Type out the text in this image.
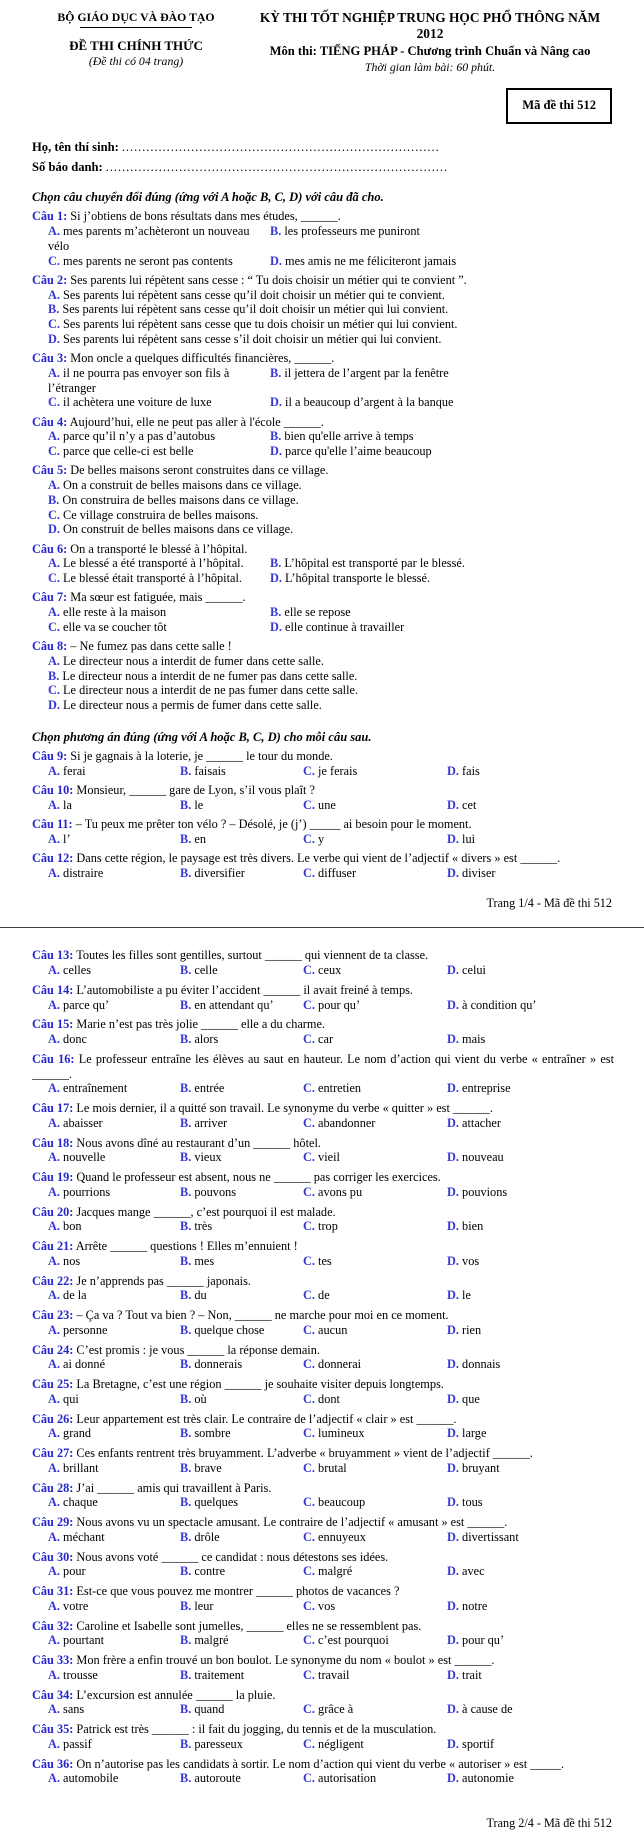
BỘ GIÁO DỤC VÀ ĐÀO TẠO
ĐỀ THI CHÍNH THỨC
(Đề thi có 04 trang)
KỲ THI TỐT NGHIỆP TRUNG HỌC PHỔ THÔNG NĂM 2012
Môn thi: TIẾNG PHÁP - Chương trình Chuẩn và Nâng cao
Thời gian làm bài: 60 phút.
Mã đề thi 512
Họ, tên thí sinh: ..............................................................................
Số báo danh: ....................................................................................
Chọn câu chuyển đổi đúng (ứng với A hoặc B, C, D) với câu đã cho.
Câu 1: Si j’obtiens de bons résultats dans mes études, ______.
A. mes parents m’achèteront un nouveau vélo
B. les professeurs me puniront
C. mes parents ne seront pas contents	D. mes amis ne me féliciteront jamais
Câu 2: Ses parents lui répètent sans cesse : “ Tu dois choisir un métier qui te convient ”.
A. Ses parents lui répètent sans cesse qu’il doit choisir un métier qui te convient.
B. Ses parents lui répètent sans cesse qu’il doit choisir un métier qui lui convient.
C. Ses parents lui répètent sans cesse que tu dois choisir un métier qui lui convient.
D. Ses parents lui répètent sans cesse s’il doit choisir un métier qui lui convient.
Câu 3: Mon oncle a quelques difficultés financières, ______.
A. il ne pourra pas envoyer son fils à l’étranger
B. il jettera de l’argent par la fenêtre
C. il achètera une voiture de luxe	D. il a beaucoup d’argent à la banque
Câu 4: Aujourd’hui, elle ne peut pas aller à l'école ______.
A. parce qu’il n’y a pas d’autobus	B. bien qu'elle arrive à temps
C. parce que celle-ci est belle	D. parce qu'elle l’aime beaucoup
Câu 5: De belles maisons seront construites dans ce village.
A. On a construit de belles maisons dans ce village.
B. On construira de belles maisons dans ce village.
C. Ce village construira de belles maisons.
D. On construit de belles maisons dans ce village.
Câu 6: On a transporté le blessé à l’hôpital.
A. Le blessé a été transporté à l’hôpital.	B. L’hôpital est transporté par le blessé.
C. Le blessé était transporté à l’hôpital.	D. L’hôpital transporte le blessé.
Câu 7: Ma sœur est fatiguée, mais ______.
A. elle reste à la maison	B. elle se repose
C. elle va se coucher tôt	D. elle continue à travailler
Câu 8: – Ne fumez pas dans cette salle !
A. Le directeur nous a interdit de fumer dans cette salle.
B. Le directeur nous a interdit de ne fumer pas dans cette salle.
C. Le directeur nous a interdit de ne pas fumer dans cette salle.
D. Le directeur nous a permis de fumer dans cette salle.
Chọn phương án đúng (ứng với A hoặc B, C, D) cho mỗi câu sau.
Câu 9: Si je gagnais à la loterie, je ______ le tour du monde.
A. ferai	B. faisais	C. je ferais	D. fais
Câu 10: Monsieur, ______ gare de Lyon, s’il vous plaît ?
A. la	B. le	C. une	D. cet
Câu 11: – Tu peux me prêter ton vélo ? – Désolé, je (j’) _____ ai besoin pour le moment.
A. l’	B. en	C. y	D. lui
Câu 12: Dans cette région, le paysage est très divers. Le verbe qui vient de l’adjectif « divers » est ______.
A. distraire	B. diversifier	C. diffuser	D. diviser
Trang 1/4 - Mã đề thi 512
Câu 13: Toutes les filles sont gentilles, surtout ______ qui viennent de ta classe.
A. celles	B. celle	C. ceux	D. celui
Câu 14: L’automobiliste a pu éviter l’accident ______ il avait freiné à temps.
A. parce qu’	B. en attendant qu’	C. pour qu’	D. à condition qu’
Câu 15: Marie n’est pas très jolie ______ elle a du charme.
A. donc	B. alors	C. car	D. mais
Câu 16: Le professeur entraîne les élèves au saut en hauteur. Le nom d’action qui vient du verbe « entraîner » est ______.
A. entraînement	B. entrée	C. entretien	D. entreprise
Câu 17: Le mois dernier, il a quitté son travail. Le synonyme du verbe « quitter » est ______.
A. abaisser	B. arriver	C. abandonner	D. attacher
Câu 18: Nous avons dîné au restaurant d’un ______ hôtel.
A. nouvelle	B. vieux	C. vieil	D. nouveau
Câu 19: Quand le professeur est absent, nous ne ______ pas corriger les exercices.
A. pourrions	B. pouvons	C. avons pu	D. pouvions
Câu 20: Jacques mange ______, c’est pourquoi il est malade.
A. bon	B. très	C. trop	D. bien
Câu 21: Arrête ______ questions ! Elles m’ennuient !
A. nos	B. mes	C. tes	D. vos
Câu 22: Je n’apprends pas ______ japonais.
A. de la	B. du	C. de	D. le
Câu 23: – Ça va ? Tout va bien ? – Non, ______ ne marche pour moi en ce moment.
A. personne	B. quelque chose	C. aucun	D. rien
Câu 24: C’est promis : je vous ______ la réponse demain.
A. ai donné	B. donnerais	C. donnerai	D. donnais
Câu 25: La Bretagne, c’est une région ______ je souhaite visiter depuis longtemps.
A. qui	B. où	C. dont	D. que
Câu 26: Leur appartement est très clair. Le contraire de l’adjectif « clair » est ______.
A. grand	B. sombre	C. lumineux	D. large
Câu 27: Ces enfants rentrent très bruyamment. L’adverbe « bruyamment » vient de l’adjectif ______.
A. brillant	B. brave	C. brutal	D. bruyant
Câu 28: J’ai ______ amis qui travaillent à Paris.
A. chaque	B. quelques	C. beaucoup	D. tous
Câu 29: Nous avons vu un spectacle amusant. Le contraire de l’adjectif « amusant » est ______.
A. méchant	B. drôle	C. ennuyeux	D. divertissant
Câu 30: Nous avons voté ______ ce candidat : nous détestons ses idées.
A. pour	B. contre	C. malgré	D. avec
Câu 31: Est-ce que vous pouvez me montrer ______ photos de vacances ?
A. votre	B. leur	C. vos	D. notre
Câu 32: Caroline et Isabelle sont jumelles, ______ elles ne se ressemblent pas.
A. pourtant	B. malgré	C. c’est pourquoi	D. pour qu’
Câu 33: Mon frère a enfin trouvé un bon boulot. Le synonyme du nom « boulot » est ______.
A. trousse	B. traitement	C. travail	D. trait
Câu 34: L’excursion est annulée ______ la pluie.
A. sans	B. quand	C. grâce à	D. à cause de
Câu 35: Patrick est très ______ : il fait du jogging, du tennis et de la musculation.
A. passif	B. paresseux	C. négligent	D. sportif
Câu 36: On n’autorise pas les candidats à sortir. Le nom d’action qui vient du verbe « autoriser » est _____.
A. automobile	B. autoroute	C. autorisation	D. autonomie
Trang 2/4 - Mã đề thi 512
